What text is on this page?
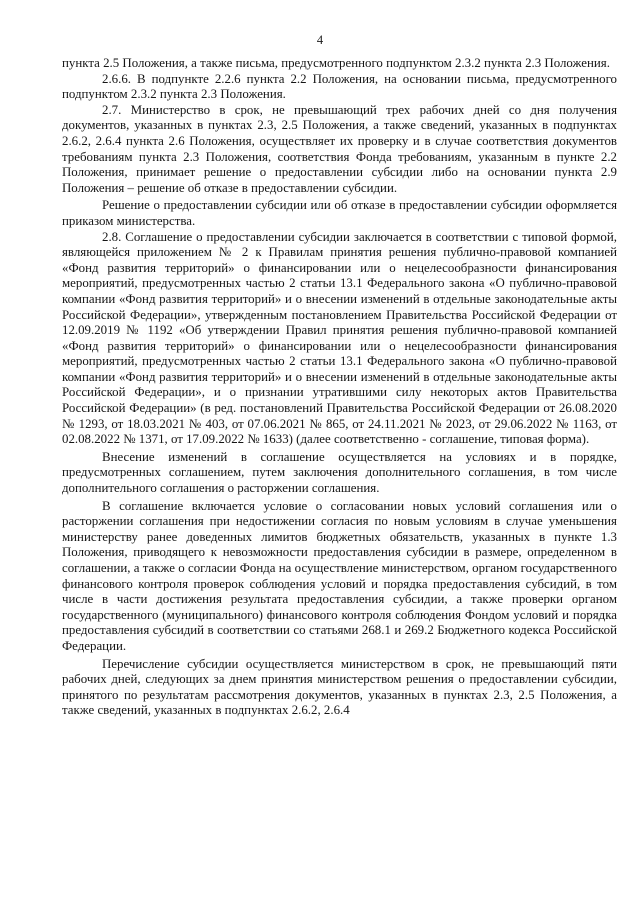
4

пункта 2.5 Положения, а также письма, предусмотренного подпунктом 2.3.2 пункта 2.3 Положения.

2.6.6. В подпункте 2.2.6 пункта 2.2 Положения, на основании письма, предусмотренного подпунктом 2.3.2 пункта 2.3 Положения.

2.7. Министерство в срок, не превышающий трех рабочих дней со дня получения документов, указанных в пунктах 2.3, 2.5 Положения, а также сведений, указанных в подпунктах 2.6.2, 2.6.4 пункта 2.6 Положения, осуществляет их проверку и в случае соответствия документов требованиям пункта 2.3 Положения, соответствия Фонда требованиям, указанным в пункте 2.2 Положения, принимает решение о предоставлении субсидии либо на основании пункта 2.9 Положения – решение об отказе в предоставлении субсидии.

Решение о предоставлении субсидии или об отказе в предоставлении субсидии оформляется приказом министерства.

2.8. Соглашение о предоставлении субсидии заключается в соответствии с типовой формой, являющейся приложением № 2 к Правилам принятия решения публично-правовой компанией «Фонд развития территорий» о финансировании или о нецелесообразности финансирования мероприятий, предусмотренных частью 2 статьи 13.1 Федерального закона «О публично-правовой компании «Фонд развития территорий» и о внесении изменений в отдельные законодательные акты Российской Федерации», утвержденным постановлением Правительства Российской Федерации от 12.09.2019 № 1192 «Об утверждении Правил принятия решения публично-правовой компанией «Фонд развития территорий» о финансировании или о нецелесообразности финансирования мероприятий, предусмотренных частью 2 статьи 13.1 Федерального закона «О публично-правовой компании «Фонд развития территорий» и о внесении изменений в отдельные законодательные акты Российской Федерации», и о признании утратившими силу некоторых актов Правительства Российской Федерации» (в ред. постановлений Правительства Российской Федерации от 26.08.2020 № 1293, от 18.03.2021 № 403, от 07.06.2021 № 865, от 24.11.2021 № 2023, от 29.06.2022 № 1163, от 02.08.2022 № 1371, от 17.09.2022 № 1633) (далее соответственно - соглашение, типовая форма).

Внесение изменений в соглашение осуществляется на условиях и в порядке, предусмотренных соглашением, путем заключения дополнительного соглашения, в том числе дополнительного соглашения о расторжении соглашения.

В соглашение включается условие о согласовании новых условий соглашения или о расторжении соглашения при недостижении согласия по новым условиям в случае уменьшения министерству ранее доведенных лимитов бюджетных обязательств, указанных в пункте 1.3 Положения, приводящего к невозможности предоставления субсидии в размере, определенном в соглашении, а также о согласии Фонда на осуществление министерством, органом государственного финансового контроля проверок соблюдения условий и порядка предоставления субсидий, в том числе в части достижения результата предоставления субсидии, а также проверки органом государственного (муниципального) финансового контроля соблюдения Фондом условий и порядка предоставления субсидий в соответствии со статьями 268.1 и 269.2 Бюджетного кодекса Российской Федерации.

Перечисление субсидии осуществляется министерством в срок, не превышающий пяти рабочих дней, следующих за днем принятия министерством решения о предоставлении субсидии, принятого по результатам рассмотрения документов, указанных в пунктах 2.3, 2.5 Положения, а также сведений, указанных в подпунктах 2.6.2, 2.6.4
